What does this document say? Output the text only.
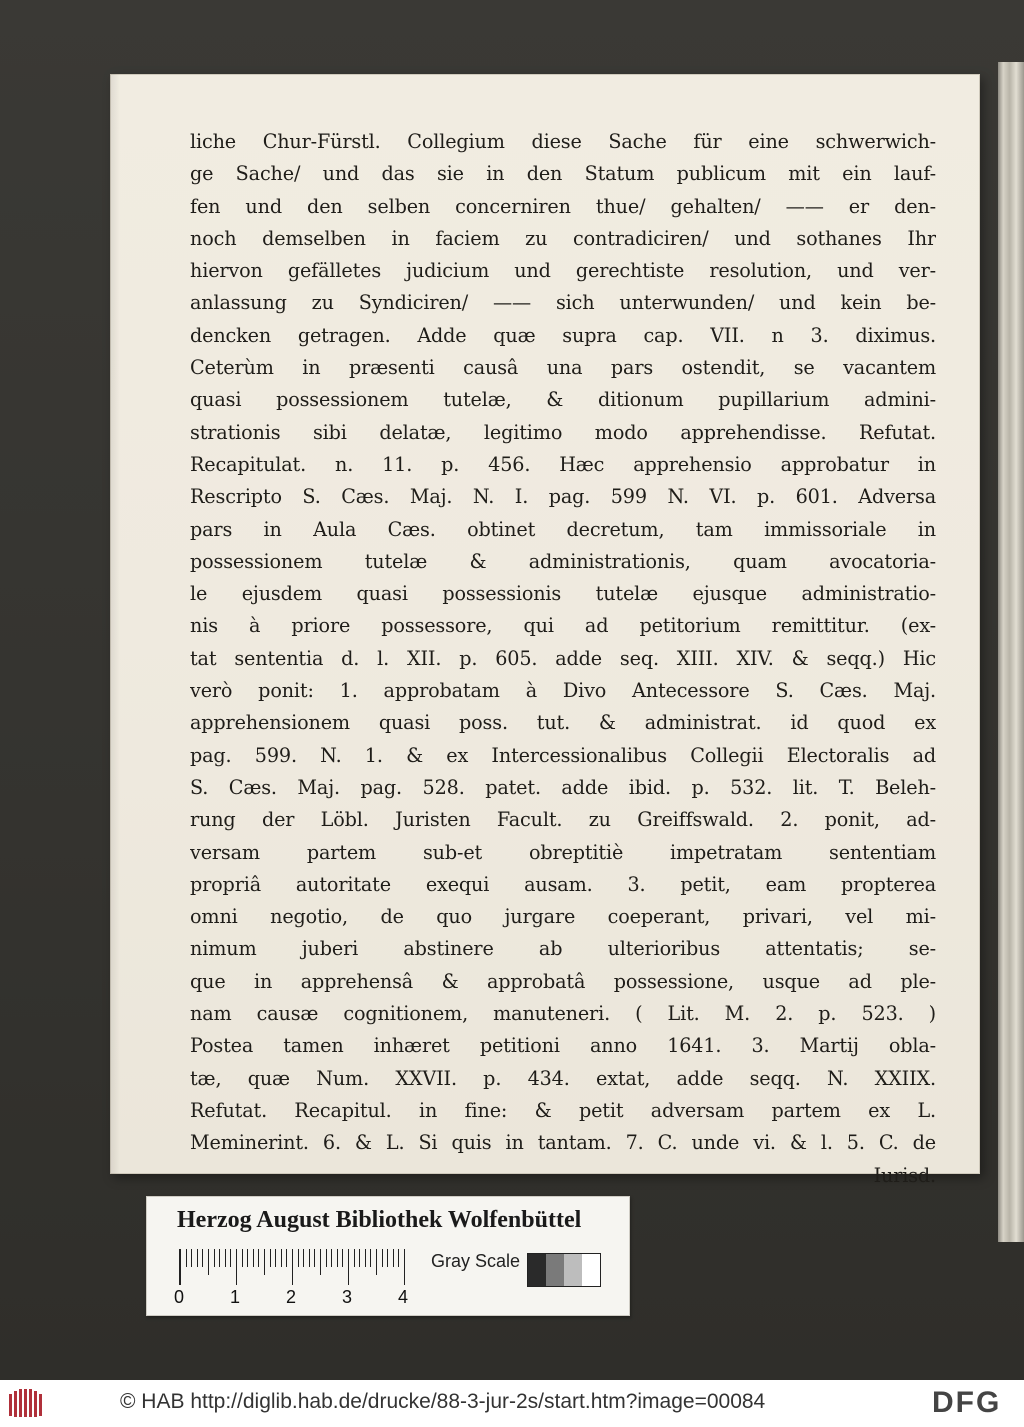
liche Chur-Fürstl. Collegium diese Sache für eine schwerwich-
ge Sache/ und das sie in den Statum publicum mit ein lauf-
fen und den selben concerniren thue/ gehalten/ —— er den-
noch demselben in faciem zu contradiciren/ und sothanes Ihr
hiervon gefälletes judicium und gerechtiste resolution, und ver-
anlassung zu Syndiciren/ —— sich unterwunden/ und kein be-
dencken getragen. Adde quæ supra cap. VII. n 3. diximus.
Ceterùm in præsenti causâ una pars ostendit, se vacantem
quasi possessionem tutelæ, & ditionum pupillarium admini-
strationis sibi delatæ, legitimo modo apprehendisse. Refutat.
Recapitulat. n. 11. p. 456. Hæc apprehensio approbatur in
Rescripto S. Cæs. Maj. N. I. pag. 599 N. VI. p. 601. Adversa
pars in Aula Cæs. obtinet decretum, tam immissoriale in
possessionem tutelæ & administrationis, quam avocatoria-
le ejusdem quasi possessionis tutelæ ejusque administratio-
nis à priore possessore, qui ad petitorium remittitur. (ex-
tat sententia d. l. XII. p. 605. adde seq. XIII. XIV. & seqq.) Hic
verò ponit: 1. approbatam à Divo Antecessore S. Cæs. Maj.
apprehensionem quasi poss. tut. & administrat. id quod ex
pag. 599. N. 1. & ex Intercessionalibus Collegii Electoralis ad
S. Cæs. Maj. pag. 528. patet. adde ibid. p. 532. lit. T. Beleh-
rung der Löbl. Juristen Facult. zu Greiffswald. 2. ponit, ad-
versam partem sub-et obreptitiè impetratam sententiam
propriâ autoritate exequi ausam. 3. petit, eam propterea
omni negotio, de quo jurgare coeperant, privari, vel mi-
nimum juberi abstinere ab ulterioribus attentatis; se-
que in apprehensâ & approbatâ possessione, usque ad ple-
nam causæ cognitionem, manuteneri. ( Lit. M. 2. p. 523. )
Postea tamen inhæret petitioni anno 1641. 3. Martij obla-
tæ, quæ Num. XXVII. p. 434. extat, adde seqq. N. XXIIX.
Refutat. Recapitul. in fine: & petit adversam partem ex L.
Meminerint. 6. & L. Si quis in tantam. 7. C. unde vi. & l. 5. C. de
Iurisd.
Herzog August Bibliothek Wolfenbüttel
0	1	2	3	4
Gray Scale
© HAB http://diglib.hab.de/drucke/88-3-jur-2s/start.htm?image=00084	DFG
